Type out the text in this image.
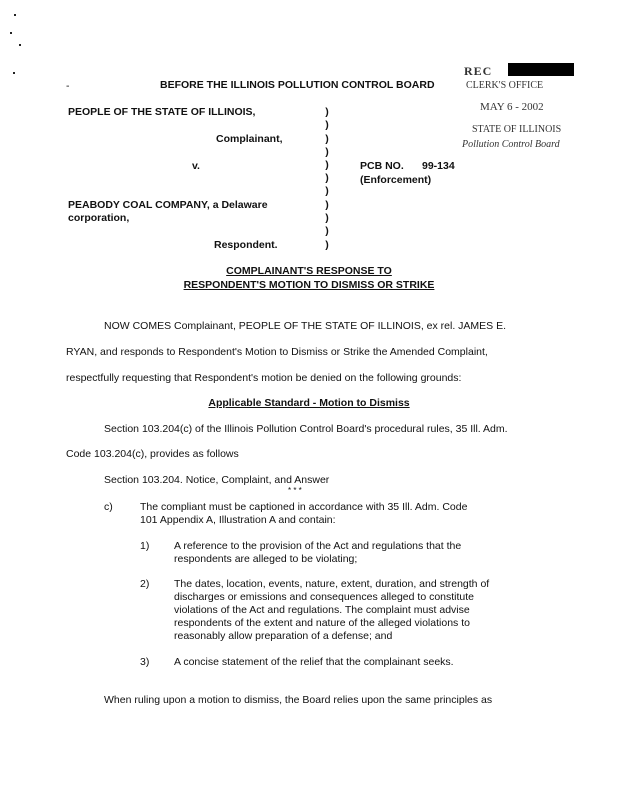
-	BEFORE THE ILLINOIS POLLUTION CONTROL BOARD
REC
CLERK'S OFFICE
MAY 6 - 2002
STATE OF ILLINOIS
Pollution Control Board
PEOPLE OF THE STATE OF ILLINOIS,
Complainant,
v.
PEABODY COAL COMPANY, a Delaware
corporation,
Respondent.
)
)
)
)
)
)
)
)
)
)
)
PCB NO. 99-134
(Enforcement)
COMPLAINANT'S RESPONSE TO
RESPONDENT'S MOTION TO DISMISS OR STRIKE
NOW COMES Complainant, PEOPLE OF THE STATE OF ILLINOIS, ex rel. JAMES E.
RYAN, and responds to Respondent's Motion to Dismiss or Strike the Amended Complaint,
respectfully requesting that Respondent's motion be denied on the following grounds:
Applicable Standard - Motion to Dismiss
Section 103.204(c) of the Illinois Pollution Control Board's procedural rules, 35 Ill. Adm.
Code 103.204(c), provides as follows
Section 103.204. Notice, Complaint, and Answer
* * *
c)	The compliant must be captioned in accordance with 35 Ill. Adm. Code
101 Appendix A, Illustration A and contain:
1) A reference to the provision of the Act and regulations that the
respondents are alleged to be violating;
2) The dates, location, events, nature, extent, duration, and strength of
discharges or emissions and consequences alleged to constitute
violations of the Act and regulations. The complaint must advise
respondents of the extent and nature of the alleged violations to
reasonably allow preparation of a defense; and
3) A concise statement of the relief that the complainant seeks.
When ruling upon a motion to dismiss, the Board relies upon the same principles as
